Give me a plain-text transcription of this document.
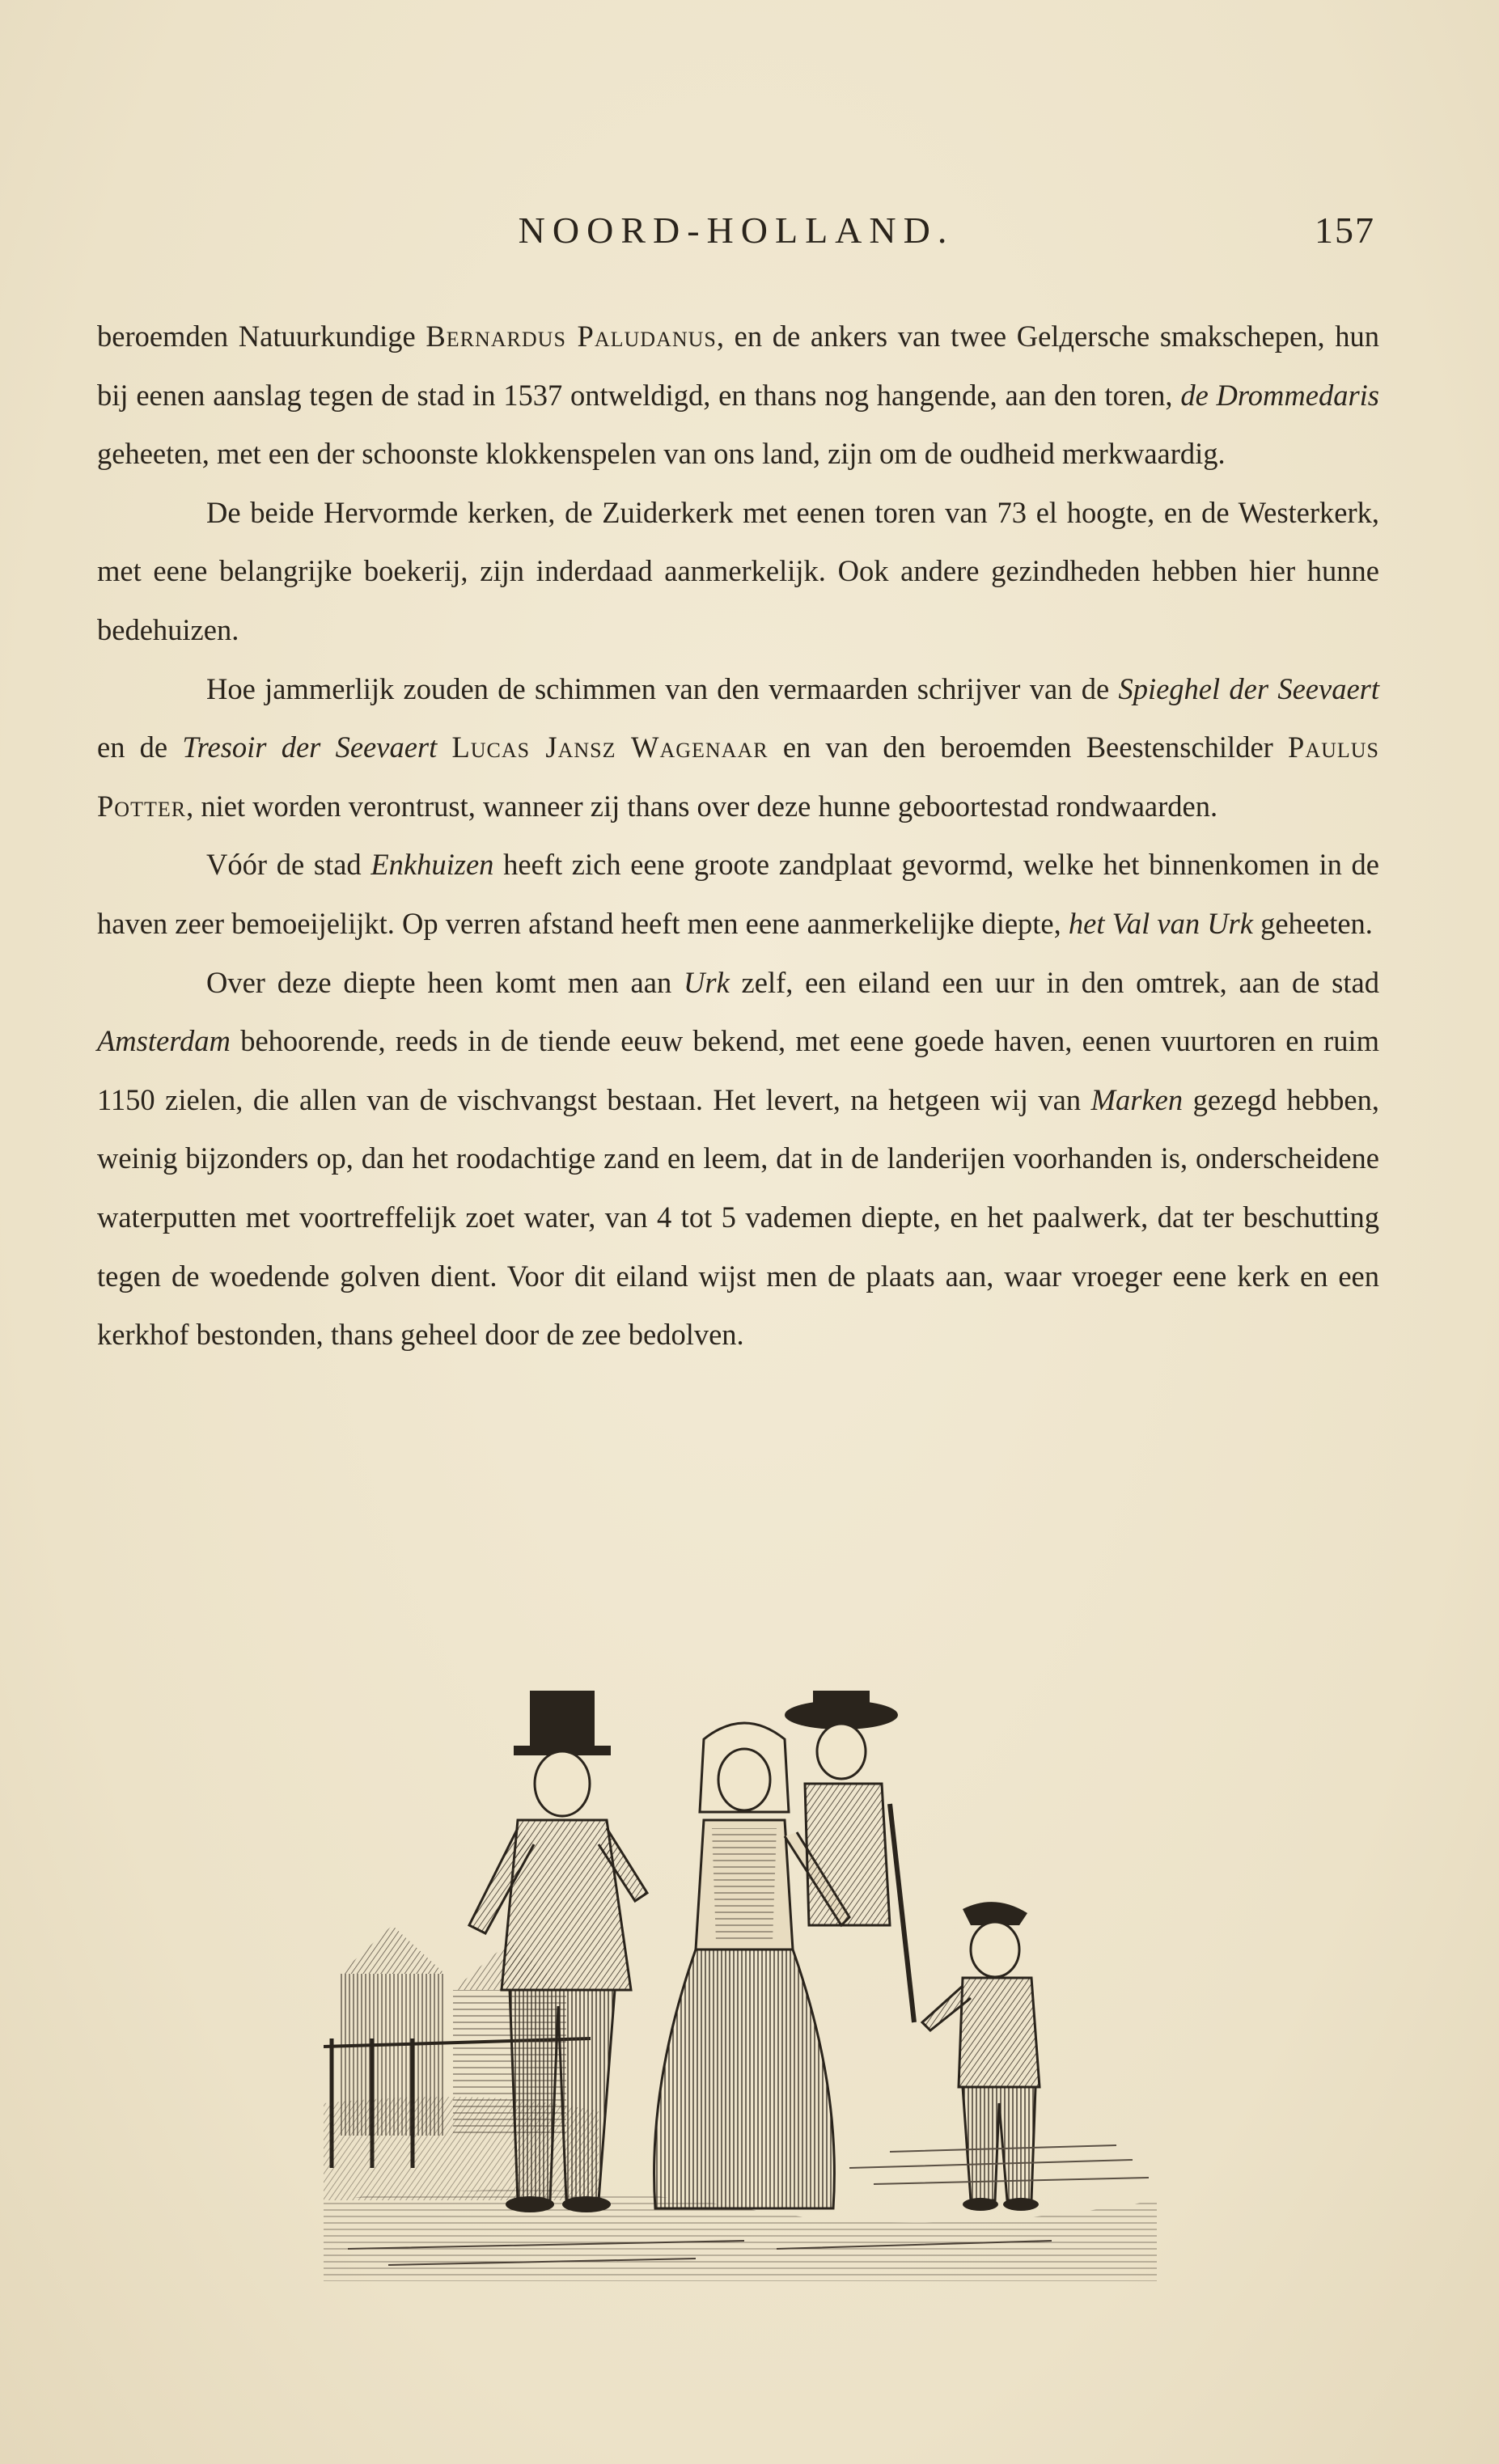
NOORD-HOLLAND.	157

beroemden Natuurkundige Bernardus Paludanus, en de ankers van twee Gelдersche smakschepen, hun bij eenen aanslag tegen de stad in 1537 ontweldigd, en thans nog hangende, aan den toren, de Drommedaris geheeten, met een der schoonste klokkenspelen van ons land, zijn om de oudheid merkwaardig.

De beide Hervormde kerken, de Zuiderkerk met eenen toren van 73 el hoogte, en de Westerkerk, met eene belangrijke boekerij, zijn inderdaad aanmerkelijk. Ook andere gezindheden hebben hier hunne bedehuizen.

Hoe jammerlijk zouden de schimmen van den vermaarden schrijver van de Spieghel der Seevaert en de Tresoir der Seevaert Lucas Jansz Wagenaar en van den beroemden Beestenschilder Paulus Potter, niet worden verontrust, wanneer zij thans over deze hunne geboortestad rondwaarden.

Vóór de stad Enkhuizen heeft zich eene groote zandplaat gevormd, welke het binnenkomen in de haven zeer bemoeijelijkt. Op verren afstand heeft men eene aanmerkelijke diepte, het Val van Urk geheeten.

Over deze diepte heen komt men aan Urk zelf, een eiland een uur in den omtrek, aan de stad Amsterdam behoorende, reeds in de tiende eeuw bekend, met eene goede haven, eenen vuurtoren en ruim 1150 zielen, die allen van de vischvangst bestaan. Het levert, na hetgeen wij van Marken gezegd hebben, weinig bijzonders op, dan het roodachtige zand en leem, dat in de landerijen voorhanden is, onderscheidene waterputten met voortreffelijk zoet water, van 4 tot 5 vademen diepte, en het paalwerk, dat ter beschutting tegen de woedende golven dient. Voor dit eiland wijst men de plaats aan, waar vroeger eene kerk en een kerkhof bestonden, thans geheel door de zee bedolven.
